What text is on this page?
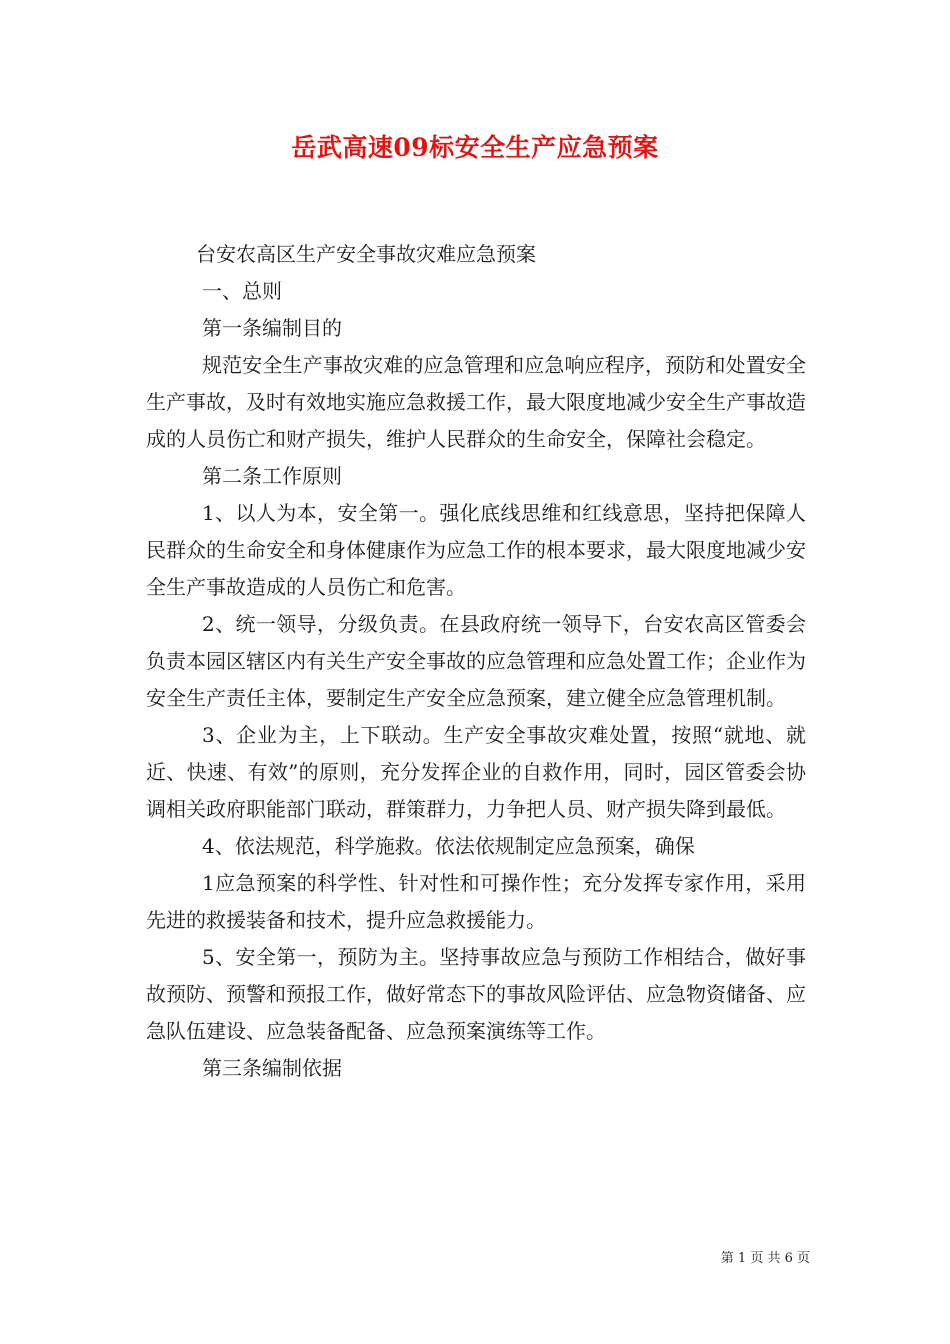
岳武高速09标安全生产应急预案

台安农高区生产安全事故灾难应急预案

一、总则

第一条编制目的

规范安全生产事故灾难的应急管理和应急响应程序，预防和处置安全生产事故，及时有效地实施应急救援工作，最大限度地减少安全生产事故造成的人员伤亡和财产损失，维护人民群众的生命安全，保障社会稳定。

第二条工作原则

1、以人为本，安全第一。强化底线思维和红线意思，坚持把保障人民群众的生命安全和身体健康作为应急工作的根本要求，最大限度地减少安全生产事故造成的人员伤亡和危害。

2、统一领导，分级负责。在县政府统一领导下，台安农高区管委会负责本园区辖区内有关生产安全事故的应急管理和应急处置工作；企业作为安全生产责任主体，要制定生产安全应急预案，建立健全应急管理机制。

3、企业为主，上下联动。生产安全事故灾难处置，按照“就地、就近、快速、有效”的原则，充分发挥企业的自救作用，同时，园区管委会协调相关政府职能部门联动，群策群力，力争把人员、财产损失降到最低。

4、依法规范，科学施救。依法依规制定应急预案，确保

1应急预案的科学性、针对性和可操作性；充分发挥专家作用，采用先进的救援装备和技术，提升应急救援能力。

5、安全第一，预防为主。坚持事故应急与预防工作相结合，做好事故预防、预警和预报工作，做好常态下的事故风险评估、应急物资储备、应急队伍建设、应急装备配备、应急预案演练等工作。

第三条编制依据

第 1 页 共 6 页
